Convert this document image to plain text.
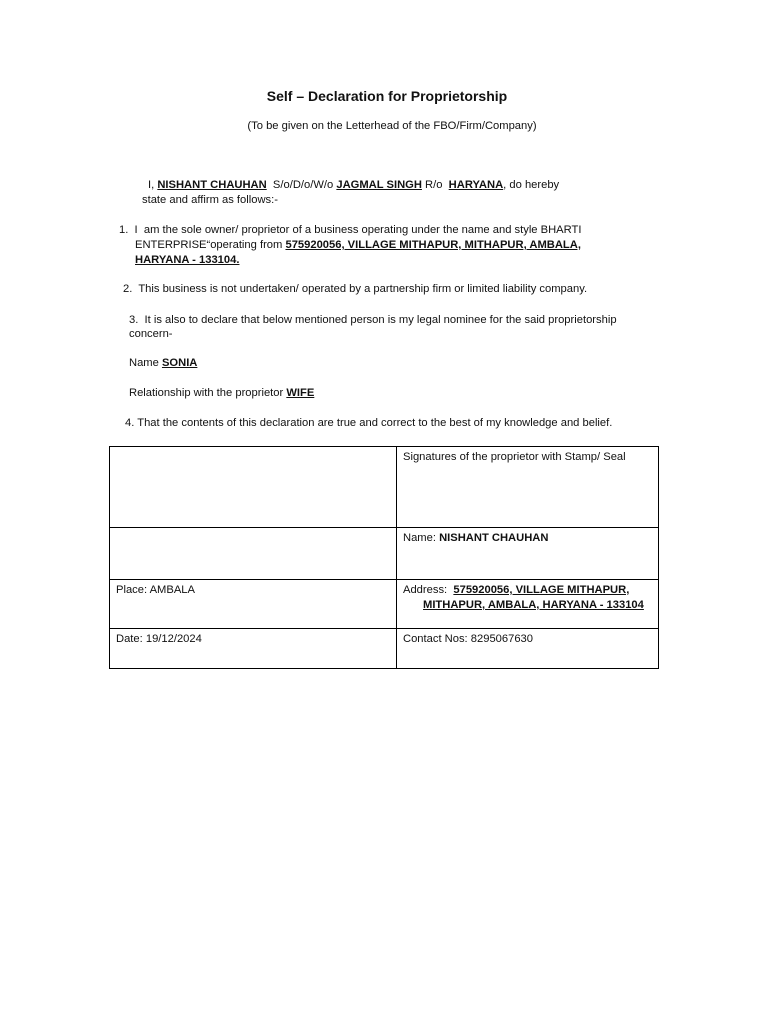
Self – Declaration for Proprietorship
(To be given on the Letterhead of the FBO/Firm/Company)
I, NISHANT CHAUHAN  S/o/D/o/W/o JAGMAL SINGH R/o  HARYANA, do hereby
state and affirm as follows:-
1.  I  am the sole owner/ proprietor of a business operating under the name and style BHARTI
ENTERPRISE“operating from 575920056, VILLAGE MITHAPUR, MITHAPUR, AMBALA,
HARYANA - 133104.
2.  This business is not undertaken/ operated by a partnership firm or limited liability company.
3.  It is also to declare that below mentioned person is my legal nominee for the said proprietorship
concern-
Name SONIA
Relationship with the proprietor WIFE
4. That the contents of this declaration are true and correct to the best of my knowledge and belief.
	Signatures of the proprietor with Stamp/ Seal
	Name: NISHANT CHAUHAN
Place: AMBALA	Address:  575920056, VILLAGE MITHAPUR,
MITHAPUR, AMBALA, HARYANA - 133104

Date: 19/12/2024	Contact Nos: 8295067630
